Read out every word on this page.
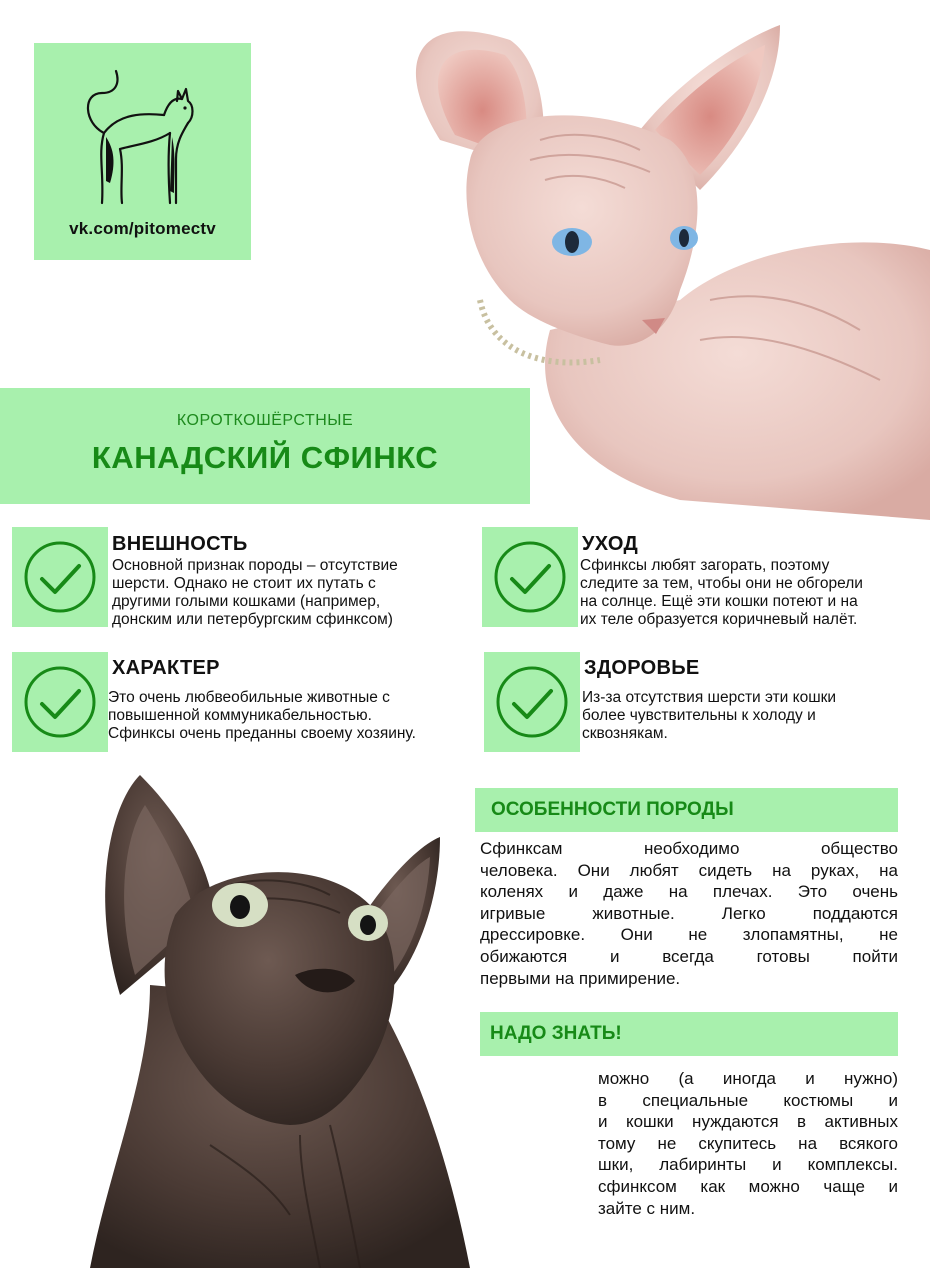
vk.com/pitomectv
КОРОТКОШЁРСТНЫЕ
КАНАДСКИЙ СФИНКС
ВНЕШНОСТЬ
Основной признак породы – отсутствие
шерсти. Однако не стоит их путать с
другими голыми кошками (например,
донским или петербургским сфинксом)
УХОД
Сфинксы любят загорать, поэтому
следите за тем, чтобы они не обгорели
на солнце. Ещё эти кошки потеют и на
их теле образуется коричневый налёт.
ХАРАКТЕР
Это очень любвеобильные животные с
повышенной коммуникабельностью.
Сфинксы очень преданны своему хозяину.
ЗДОРОВЬЕ
Из-за отсутствия шерсти эти кошки
более чувствительны к холоду и
сквознякам.
ОСОБЕННОСТИ ПОРОДЫ
Сфинксам необходимо общество
человека. Они любят сидеть на руках, на
коленях и даже на плечах. Это очень
игривые животные. Легко поддаются
дрессировке. Они не злопамятны, не
обижаются и всегда готовы пойти
первыми на примирение.
НАДО ЗНАТЬ!
можно (а иногда и нужно)
в специальные костюмы и
и кошки нуждаются в активных
тому не скупитесь на всякого
шки, лабиринты и комплексы.
сфинксом как можно чаще и
зайте с ним.
